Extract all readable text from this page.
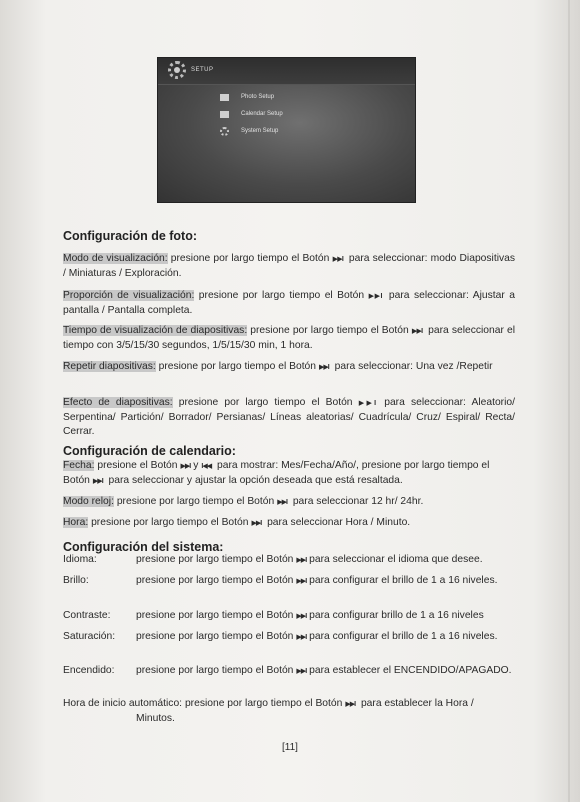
SETUP
Photo Setup
Calendar Setup
System Setup
Configuración de foto:
Modo de visualización: presione por largo tiempo el Botón ▶▶I para seleccionar: modo Diapositivas / Miniaturas / Exploración.
Proporción de visualización: presione por largo tiempo el Botón ▶▶I para seleccionar: Ajustar a pantalla / Pantalla completa.
Tiempo de visualización de diapositivas: presione por largo tiempo el Botón ▶▶I para seleccionar el tiempo con 3/5/15/30 segundos, 1/5/15/30 min, 1 hora.
Repetir diapositivas: presione por largo tiempo el Botón ▶▶I para seleccionar: Una vez /Repetir
Efecto de diapositivas: presione por largo tiempo el Botón ▶▶I para seleccionar: Aleatorio/ Serpentina/ Partición/ Borrador/ Persianas/ Líneas aleatorias/ Cuadrícula/ Cruz/ Espiral/ Recta/ Cerrar.
Configuración de calendario:
Fecha: presione el Botón ▶▶I y I◀◀ para mostrar: Mes/Fecha/Año/, presione por largo tiempo el Botón ▶▶I para seleccionar y ajustar la opción deseada que está resaltada.
Modo reloj: presione por largo tiempo el Botón ▶▶I para seleccionar 12 hr/ 24hr.
Hora: presione por largo tiempo el Botón ▶▶I para seleccionar Hora / Minuto.
Configuración del sistema:
Idioma:	presione por largo tiempo el Botón ▶▶I para seleccionar el idioma que desee.
Brillo:	presione por largo tiempo el Botón ▶▶I para configurar el brillo de 1 a 16 niveles.
Contraste:	presione por largo tiempo el Botón ▶▶I para configurar brillo de 1 a 16 niveles
Saturación:	presione por largo tiempo el Botón ▶▶I para configurar el brillo de 1 a 16 niveles.
Encendido:	presione por largo tiempo el Botón ▶▶I para establecer el ENCENDIDO/APAGADO.
Hora de inicio automático: presione por largo tiempo el Botón ▶▶I para establecer la Hora / Minutos.
[11]
